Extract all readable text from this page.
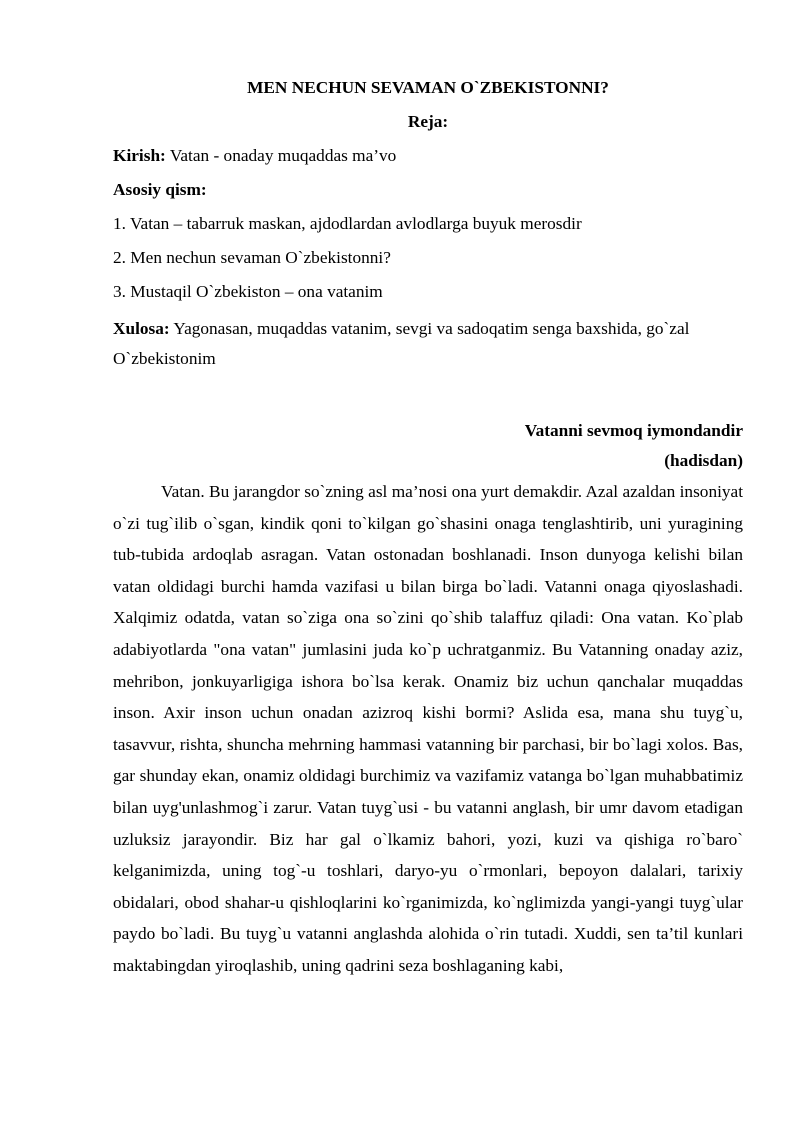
MEN NECHUN SEVAMAN O`ZBEKISTONNI?
Reja:
Kirish: Vatan - onaday muqaddas ma’vo
Asosiy qism:
1. Vatan – tabarruk maskan, ajdodlardan avlodlarga buyuk merosdir
2. Men nechun sevaman O`zbekistonni?
3. Mustaqil O`zbekiston – ona vatanim
Xulosa: Yagonasan, muqaddas vatanim, sevgi va sadoqatim senga baxshida, go`zal O`zbekistonim
Vatanni sevmoq iymondandir
(hadisdan)

Vatan. Bu jarangdor so`zning asl ma’nosi ona yurt demakdir. Azal azaldan insoniyat o`zi tug`ilib o`sgan, kindik qoni to`kilgan go`shasini onaga tenglashtirib, uni yuragining tub-tubida ardoqlab asragan. Vatan ostonadan boshlanadi. Inson dunyoga kelishi bilan vatan oldidagi burchi hamda vazifasi u bilan birga bo`ladi. Vatanni onaga qiyoslashadi. Xalqimiz odatda, vatan so`ziga ona so`zini qo`shib talaffuz qiladi: Ona vatan. Ko`plab adabiyotlarda "ona vatan" jumlasini juda ko`p uchratganmiz. Bu Vatanning onaday aziz, mehribon, jonkuyarligiga ishora bo`lsa kerak. Onamiz biz uchun qanchalar muqaddas inson. Axir inson uchun onadan azizroq kishi bormi? Aslida esa, mana shu tuyg`u, tasavvur, rishta, shuncha mehrning hammasi vatanning bir parchasi, bir bo`lagi xolos. Bas, gar shunday ekan, onamiz oldidagi burchimiz va vazifamiz vatanga bo`lgan muhabbatimiz bilan uyg'unlashmog`i zarur. Vatan tuyg`usi - bu vatanni anglash, bir umr davom etadigan uzluksiz jarayondir. Biz har gal o`lkamiz bahori, yozi, kuzi va qishiga ro`baro` kelganimizda, uning tog`-u toshlari, daryo-yu o`rmonlari, bepoyon dalalari, tarixiy obidalari, obod shahar-u qishloqlarini ko`rganimizda, ko`nglimizda yangi-yangi tuyg`ular paydo bo`ladi. Bu tuyg`u vatanni anglashda alohida o`rin tutadi. Xuddi, sen ta’til kunlari maktabingdan yiroqlashib, uning qadrini seza boshlaganing kabi,
